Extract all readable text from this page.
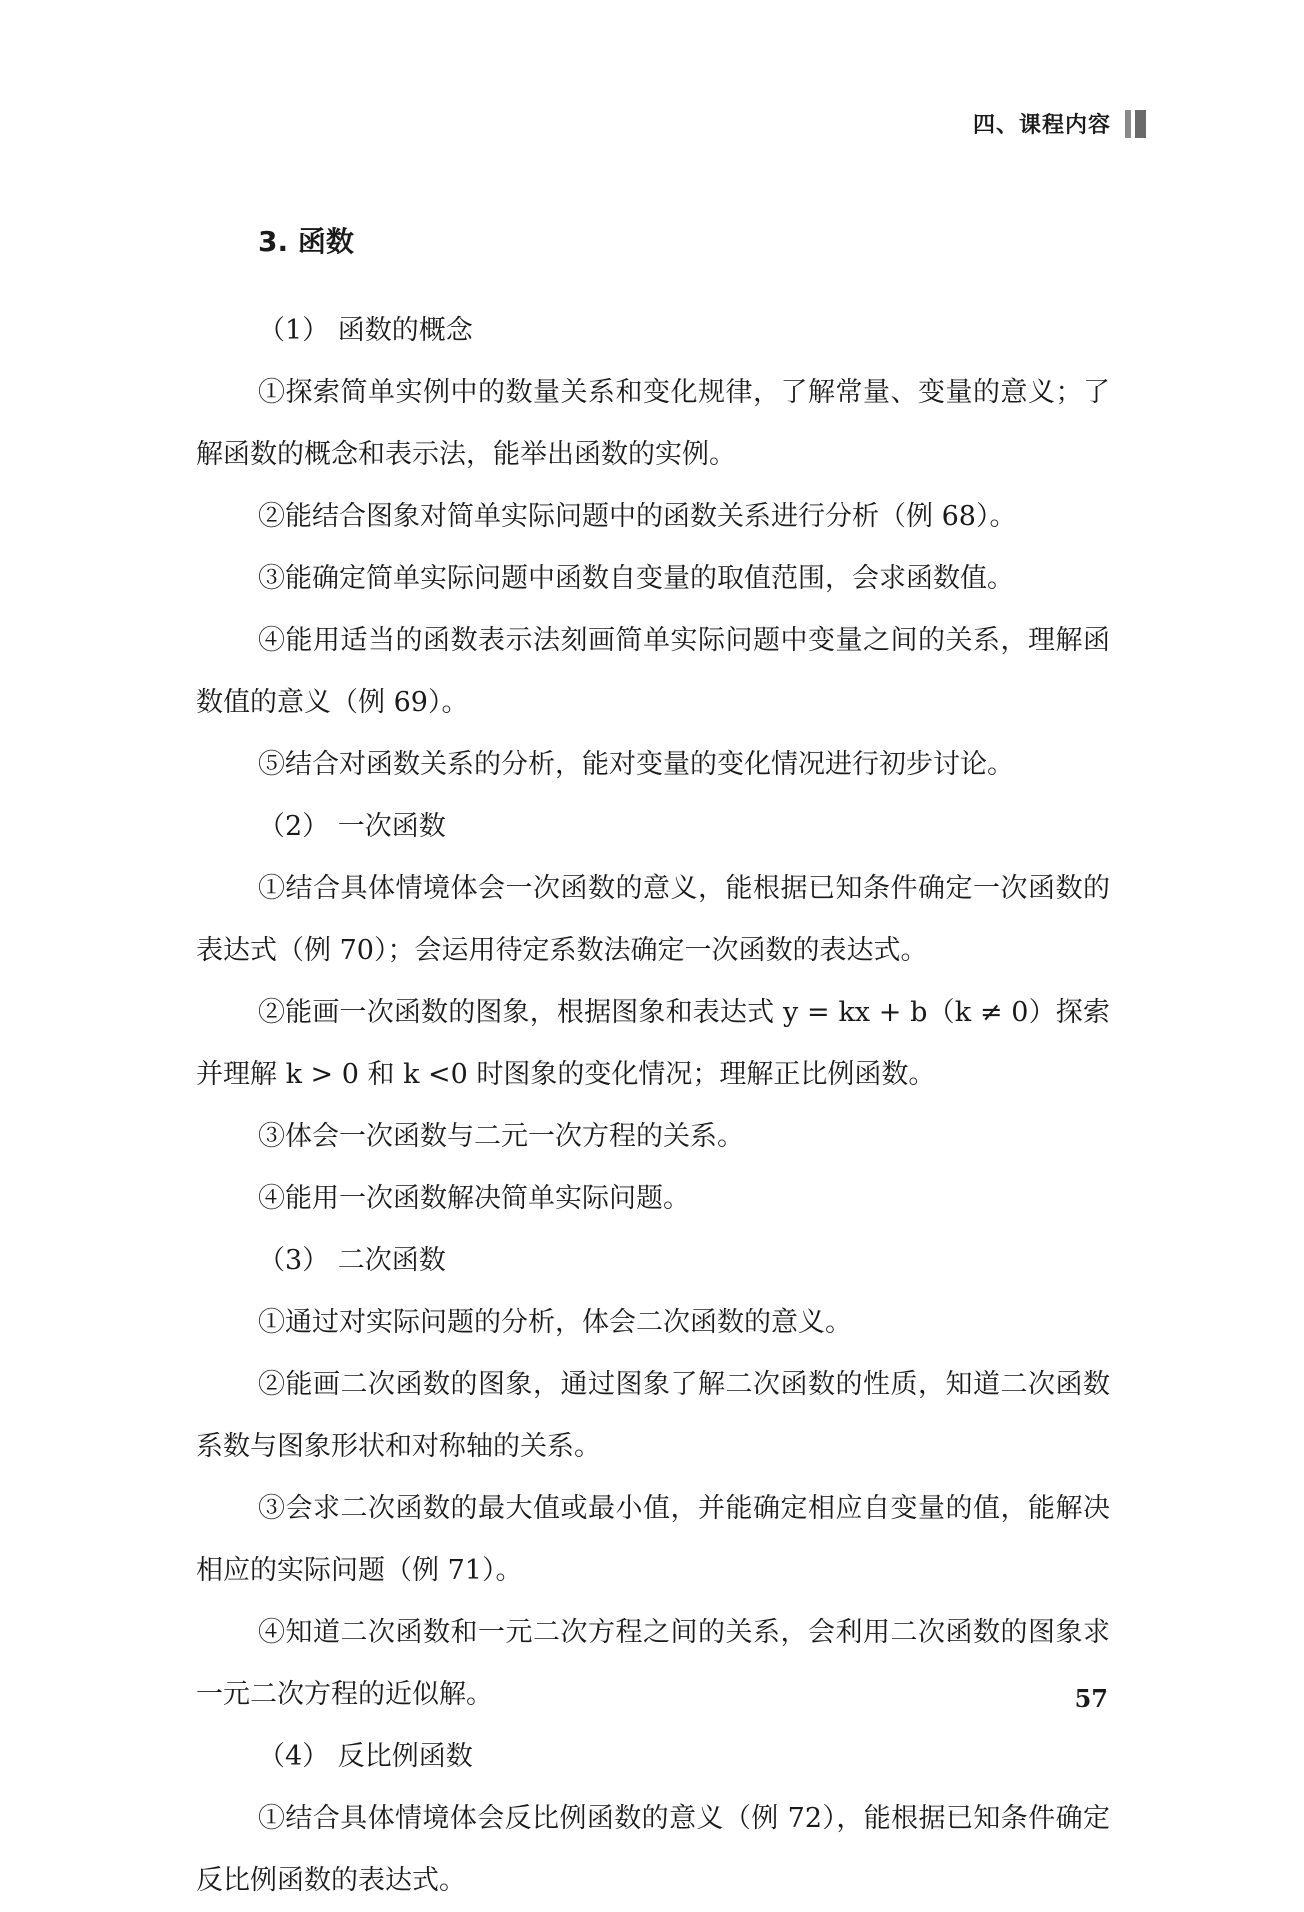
四、课程内容
3. 函数
（1） 函数的概念
①探索简单实例中的数量关系和变化规律，了解常量、变量的意义；了解函数的概念和表示法，能举出函数的实例。
②能结合图象对简单实际问题中的函数关系进行分析（例 68）。
③能确定简单实际问题中函数自变量的取值范围，会求函数值。
④能用适当的函数表示法刻画简单实际问题中变量之间的关系，理解函数值的意义（例 69）。
⑤结合对函数关系的分析，能对变量的变化情况进行初步讨论。
（2） 一次函数
①结合具体情境体会一次函数的意义，能根据已知条件确定一次函数的表达式（例 70）；会运用待定系数法确定一次函数的表达式。
②能画一次函数的图象，根据图象和表达式 y = kx + b（k ≠ 0）探索并理解 k > 0 和 k <0 时图象的变化情况；理解正比例函数。
③体会一次函数与二元一次方程的关系。
④能用一次函数解决简单实际问题。
（3） 二次函数
①通过对实际问题的分析，体会二次函数的意义。
②能画二次函数的图象，通过图象了解二次函数的性质，知道二次函数系数与图象形状和对称轴的关系。
③会求二次函数的最大值或最小值，并能确定相应自变量的值，能解决相应的实际问题（例 71）。
④知道二次函数和一元二次方程之间的关系，会利用二次函数的图象求一元二次方程的近似解。
（4） 反比例函数
①结合具体情境体会反比例函数的意义（例 72），能根据已知条件确定反比例函数的表达式。
57
